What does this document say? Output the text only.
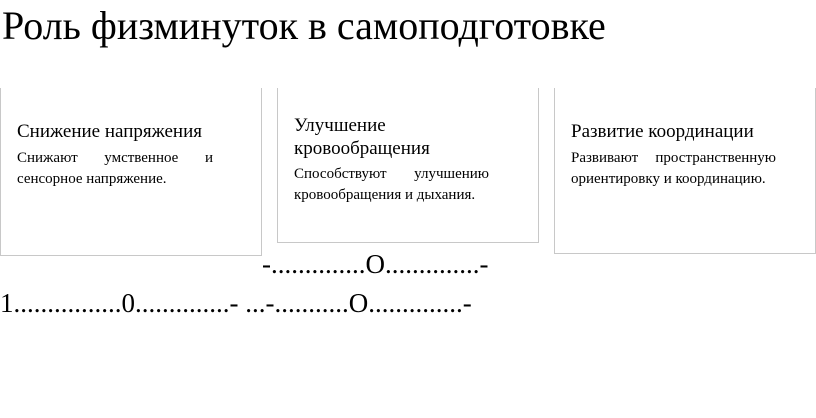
Роль физминуток в самоподготовке
Снижение напряжения
Снижают умственное и сенсорное напряжение.
Улучшение кровообращения
Способствуют улучшению кровообращения и дыхания.
Развитие координации
Развивают пространственную ориентировку и координацию.
-..............О..............-
1................0..............- ...-...........О..............-
